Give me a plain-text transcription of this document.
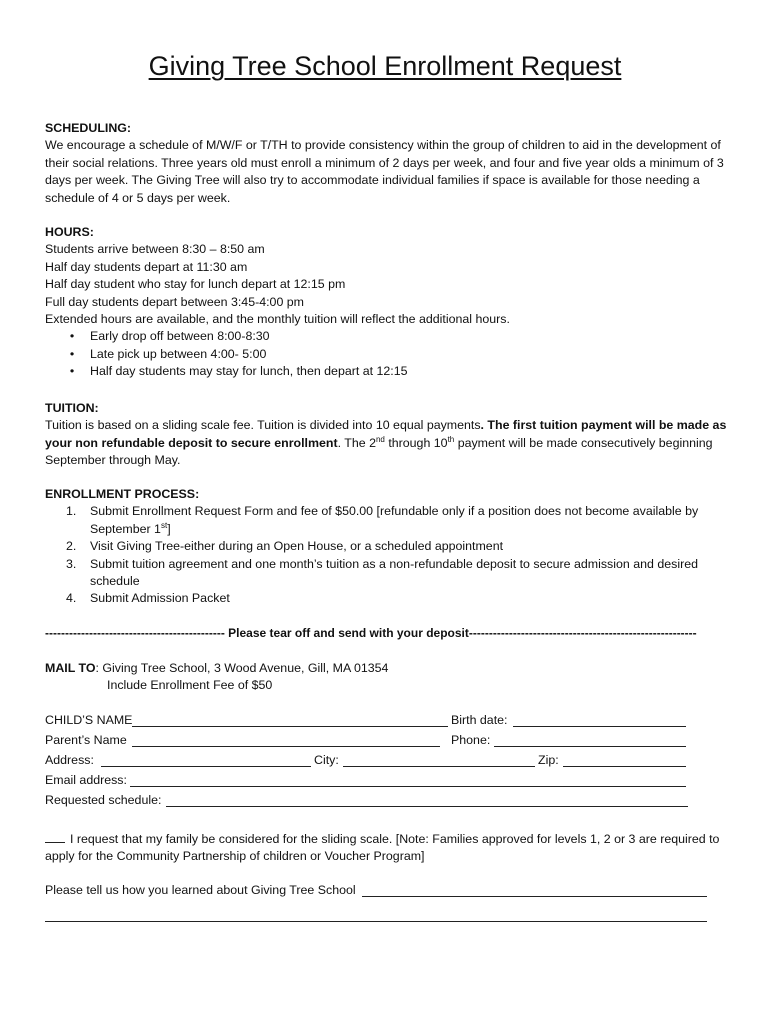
Giving Tree School Enrollment Request
SCHEDULING:

We encourage a schedule of M/W/F or T/TH to provide consistency within the group of children to aid in the development of their social relations. Three years old must enroll a minimum of 2 days per week, and four and five year olds a minimum of 3 days per week. The Giving Tree will also try to accommodate individual families if space is available for those needing a schedule of 4 or 5 days per week.

HOURS:
Students arrive between 8:30 – 8:50 am
Half day students depart at 11:30 am
Half day student who stay for lunch depart at 12:15 pm
Full day students depart between 3:45-4:00 pm
Extended hours are available, and the monthly tuition will reflect the additional hours.
• Early drop off between 8:00-8:30
• Late pick up between 4:00- 5:00
• Half day students may stay for lunch, then depart at 12:15
TUITION:

Tuition is based on a sliding scale fee. Tuition is divided into 10 equal payments. The first tuition payment will be made as your non refundable deposit to secure enrollment. The 2nd through 10th payment will be made consecutively beginning September through May.

ENROLLMENT PROCESS:
1. Submit Enrollment Request Form and fee of $50.00 [refundable only if a position does not become available by September 1st]
2. Visit Giving Tree-either during an Open House, or a scheduled appointment
3. Submit tuition agreement and one month’s tuition as a non-refundable deposit to secure admission and desired schedule
4. Submit Admission Packet
--------------------------------------------- Please tear off and send with your deposit---------------------------------------------------------
MAIL TO: Giving Tree School, 3 Wood Avenue, Gill, MA 01354
Include Enrollment Fee of $50
CHILD’S NAME	Birth date:
Parent’s Name	Phone:
Address:	City:	Zip:
Email address:
Requested schedule:

I request that my family be considered for the sliding scale. [Note: Families approved for levels 1, 2 or 3 are required to apply for the Community Partnership of children or Voucher Program]

Please tell us how you learned about Giving Tree School
